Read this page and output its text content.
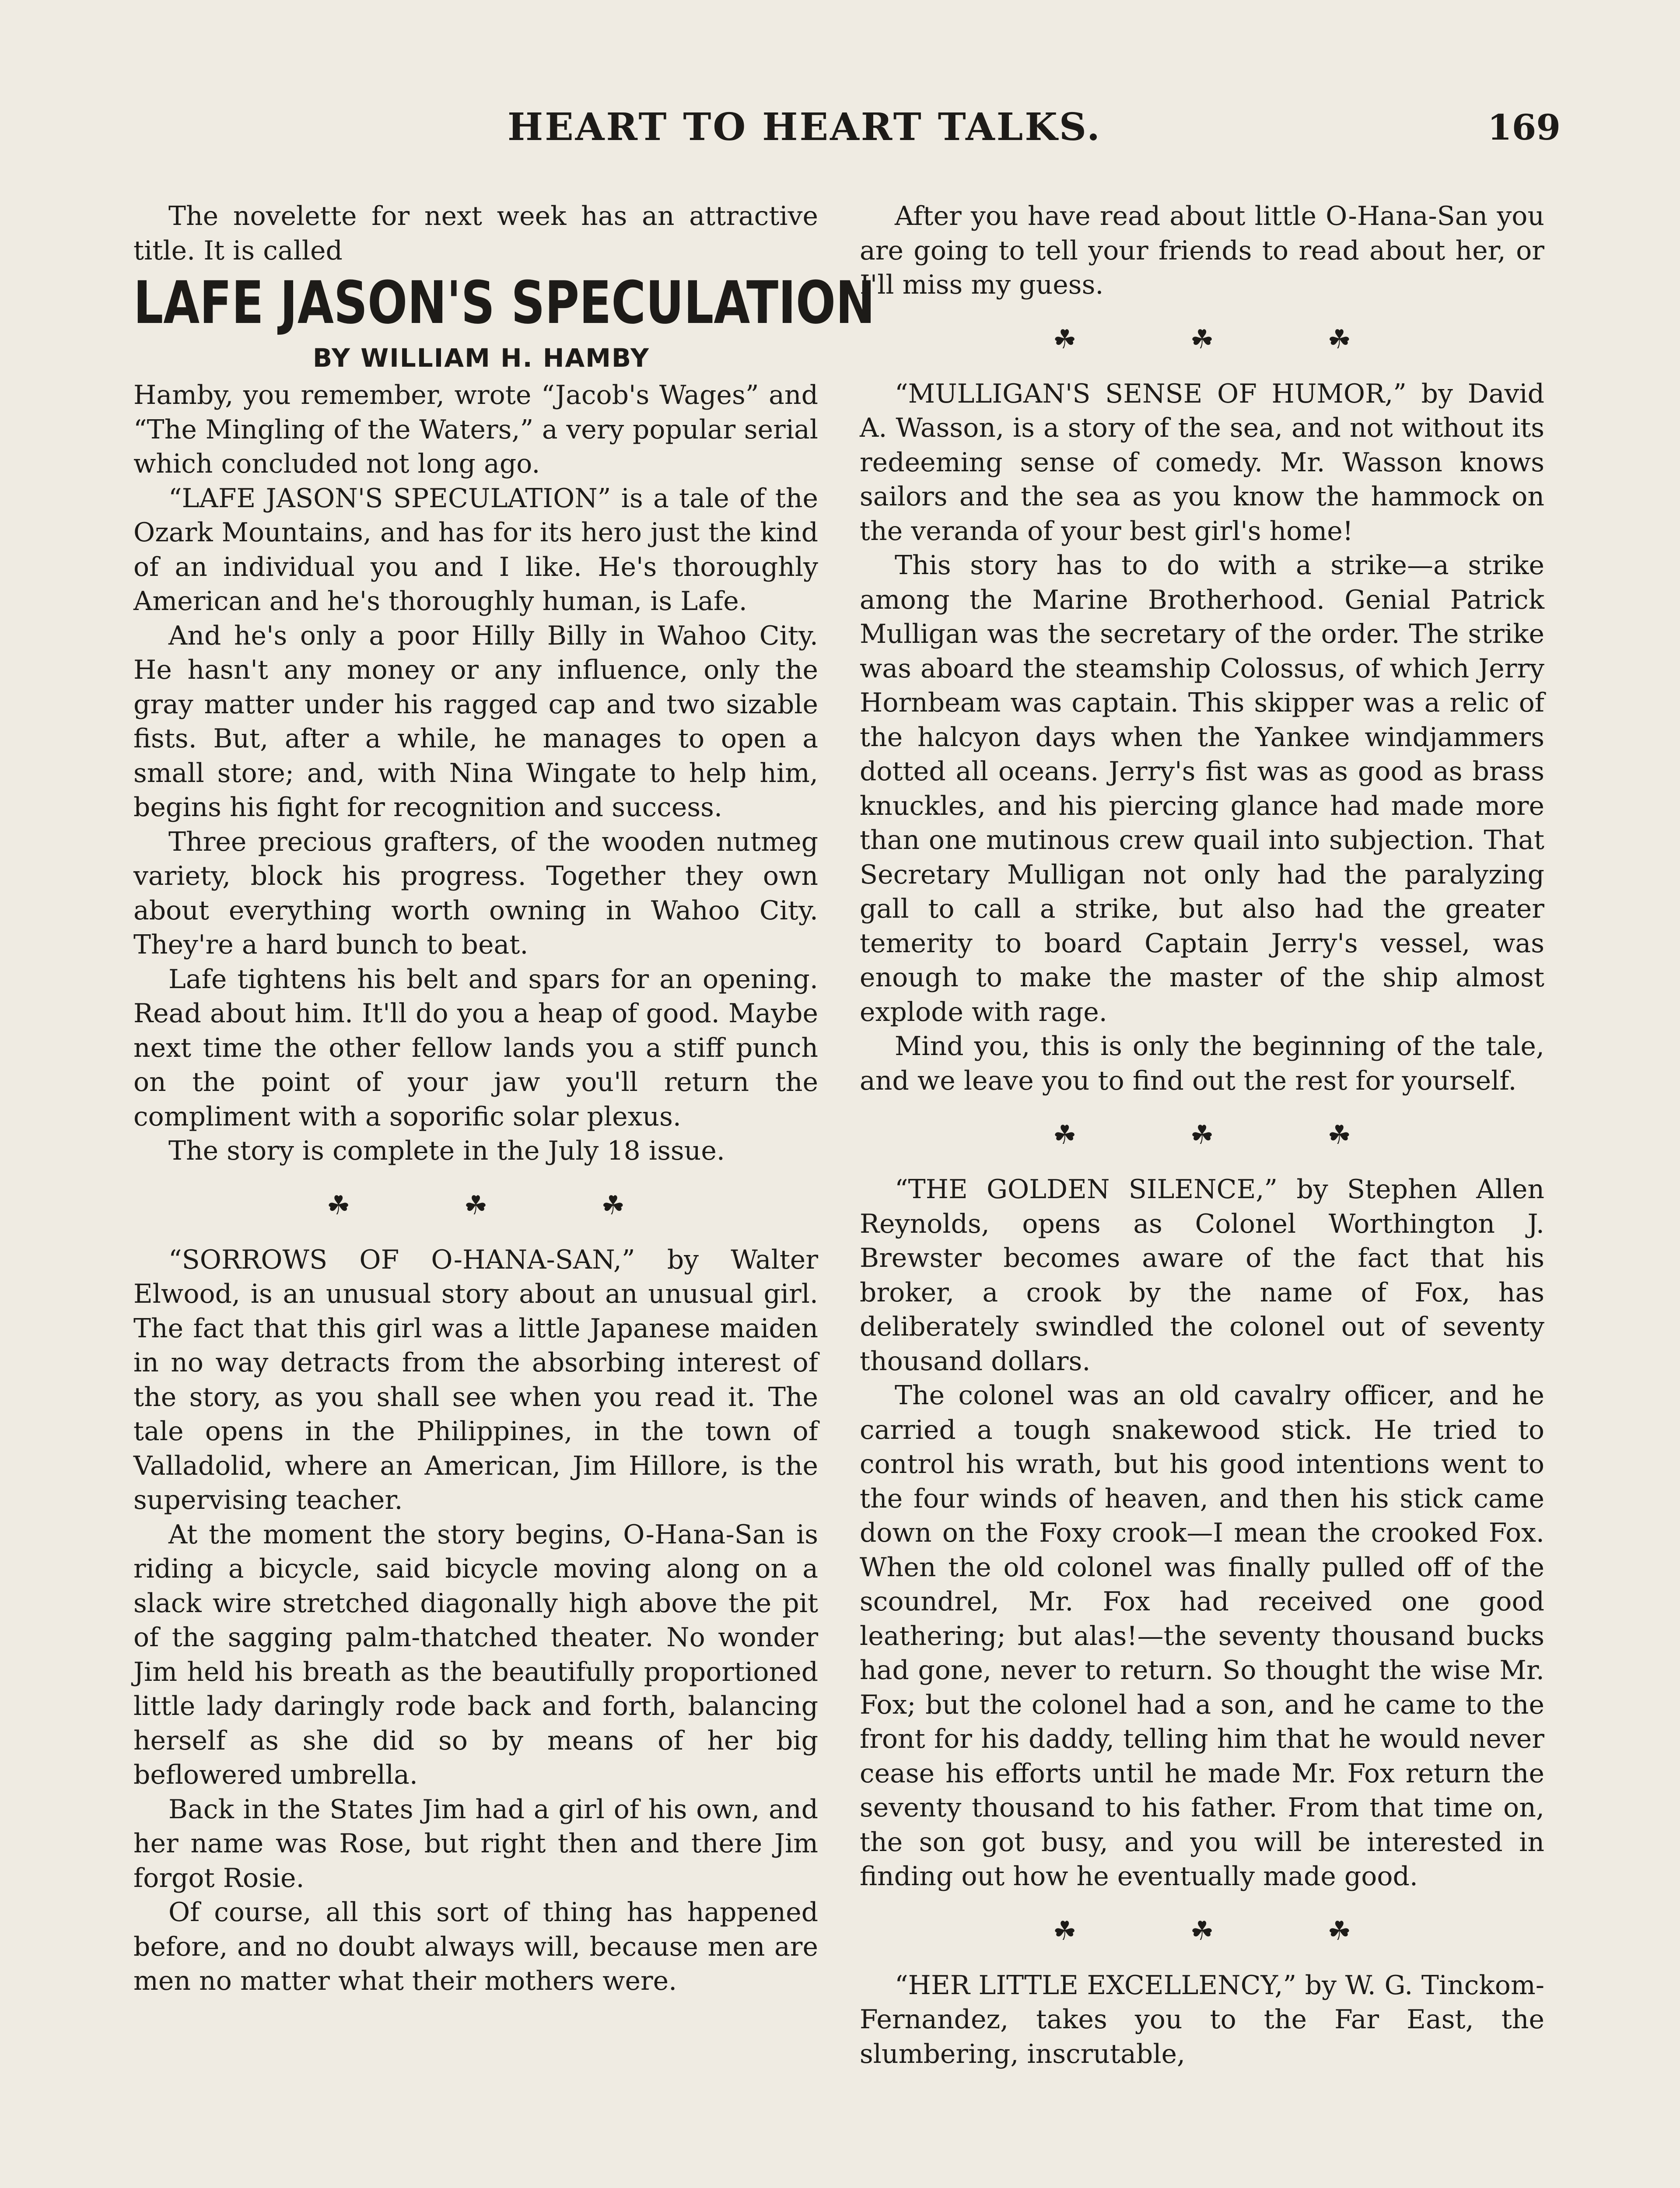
HEART TO HEART TALKS.	169

The novelette for next week has an attractive title. It is called

LAFE JASON'S SPECULATION

BY WILLIAM H. HAMBY

Hamby, you remember, wrote “Jacob's Wages” and “The Mingling of the Waters,” a very popular serial which concluded not long ago.

“LAFE JASON'S SPECULATION” is a tale of the Ozark Mountains, and has for its hero just the kind of an individual you and I like. He's thoroughly American and he's thoroughly human, is Lafe.

And he's only a poor Hilly Billy in Wahoo City. He hasn't any money or any influence, only the gray matter under his ragged cap and two sizable fists. But, after a while, he manages to open a small store; and, with Nina Wingate to help him, begins his fight for recognition and success.

Three precious grafters, of the wooden nutmeg variety, block his progress. Together they own about everything worth owning in Wahoo City. They're a hard bunch to beat.

Lafe tightens his belt and spars for an opening. Read about him. It'll do you a heap of good. Maybe next time the other fellow lands you a stiff punch on the point of your jaw you'll return the compliment with a soporific solar plexus.

The story is complete in the July 18 issue.

☘	☘	☘

“SORROWS OF O-HANA-SAN,” by Walter Elwood, is an unusual story about an unusual girl. The fact that this girl was a little Japanese maiden in no way detracts from the absorbing interest of the story, as you shall see when you read it. The tale opens in the Philippines, in the town of Valladolid, where an American, Jim Hillore, is the supervising teacher.

At the moment the story begins, O-Hana-San is riding a bicycle, said bicycle moving along on a slack wire stretched diagonally high above the pit of the sagging palm-thatched theater. No wonder Jim held his breath as the beautifully proportioned little lady daringly rode back and forth, balancing herself as she did so by means of her big beflowered umbrella.

Back in the States Jim had a girl of his own, and her name was Rose, but right then and there Jim forgot Rosie.

Of course, all this sort of thing has happened before, and no doubt always will, because men are men no matter what their mothers were.

After you have read about little O-Hana-San you are going to tell your friends to read about her, or I'll miss my guess.

☘	☘	☘

“MULLIGAN'S SENSE OF HUMOR,” by David A. Wasson, is a story of the sea, and not without its redeeming sense of comedy. Mr. Wasson knows sailors and the sea as you know the hammock on the veranda of your best girl's home!

This story has to do with a strike—a strike among the Marine Brotherhood. Genial Patrick Mulligan was the secretary of the order. The strike was aboard the steamship Colossus, of which Jerry Hornbeam was captain. This skipper was a relic of the halcyon days when the Yankee windjammers dotted all oceans. Jerry's fist was as good as brass knuckles, and his piercing glance had made more than one mutinous crew quail into subjection. That Secretary Mulligan not only had the paralyzing gall to call a strike, but also had the greater temerity to board Captain Jerry's vessel, was enough to make the master of the ship almost explode with rage.

Mind you, this is only the beginning of the tale, and we leave you to find out the rest for yourself.

☘	☘	☘

“THE GOLDEN SILENCE,” by Stephen Allen Reynolds, opens as Colonel Worthington J. Brewster becomes aware of the fact that his broker, a crook by the name of Fox, has deliberately swindled the colonel out of seventy thousand dollars.

The colonel was an old cavalry officer, and he carried a tough snakewood stick. He tried to control his wrath, but his good intentions went to the four winds of heaven, and then his stick came down on the Foxy crook—I mean the crooked Fox. When the old colonel was finally pulled off of the scoundrel, Mr. Fox had received one good leathering; but alas!—the seventy thousand bucks had gone, never to return. So thought the wise Mr. Fox; but the colonel had a son, and he came to the front for his daddy, telling him that he would never cease his efforts until he made Mr. Fox return the seventy thousand to his father. From that time on, the son got busy, and you will be interested in finding out how he eventually made good.

☘	☘	☘

“HER LITTLE EXCELLENCY,” by W. G. Tinckom-Fernandez, takes you to the Far East, the slumbering, inscrutable,
